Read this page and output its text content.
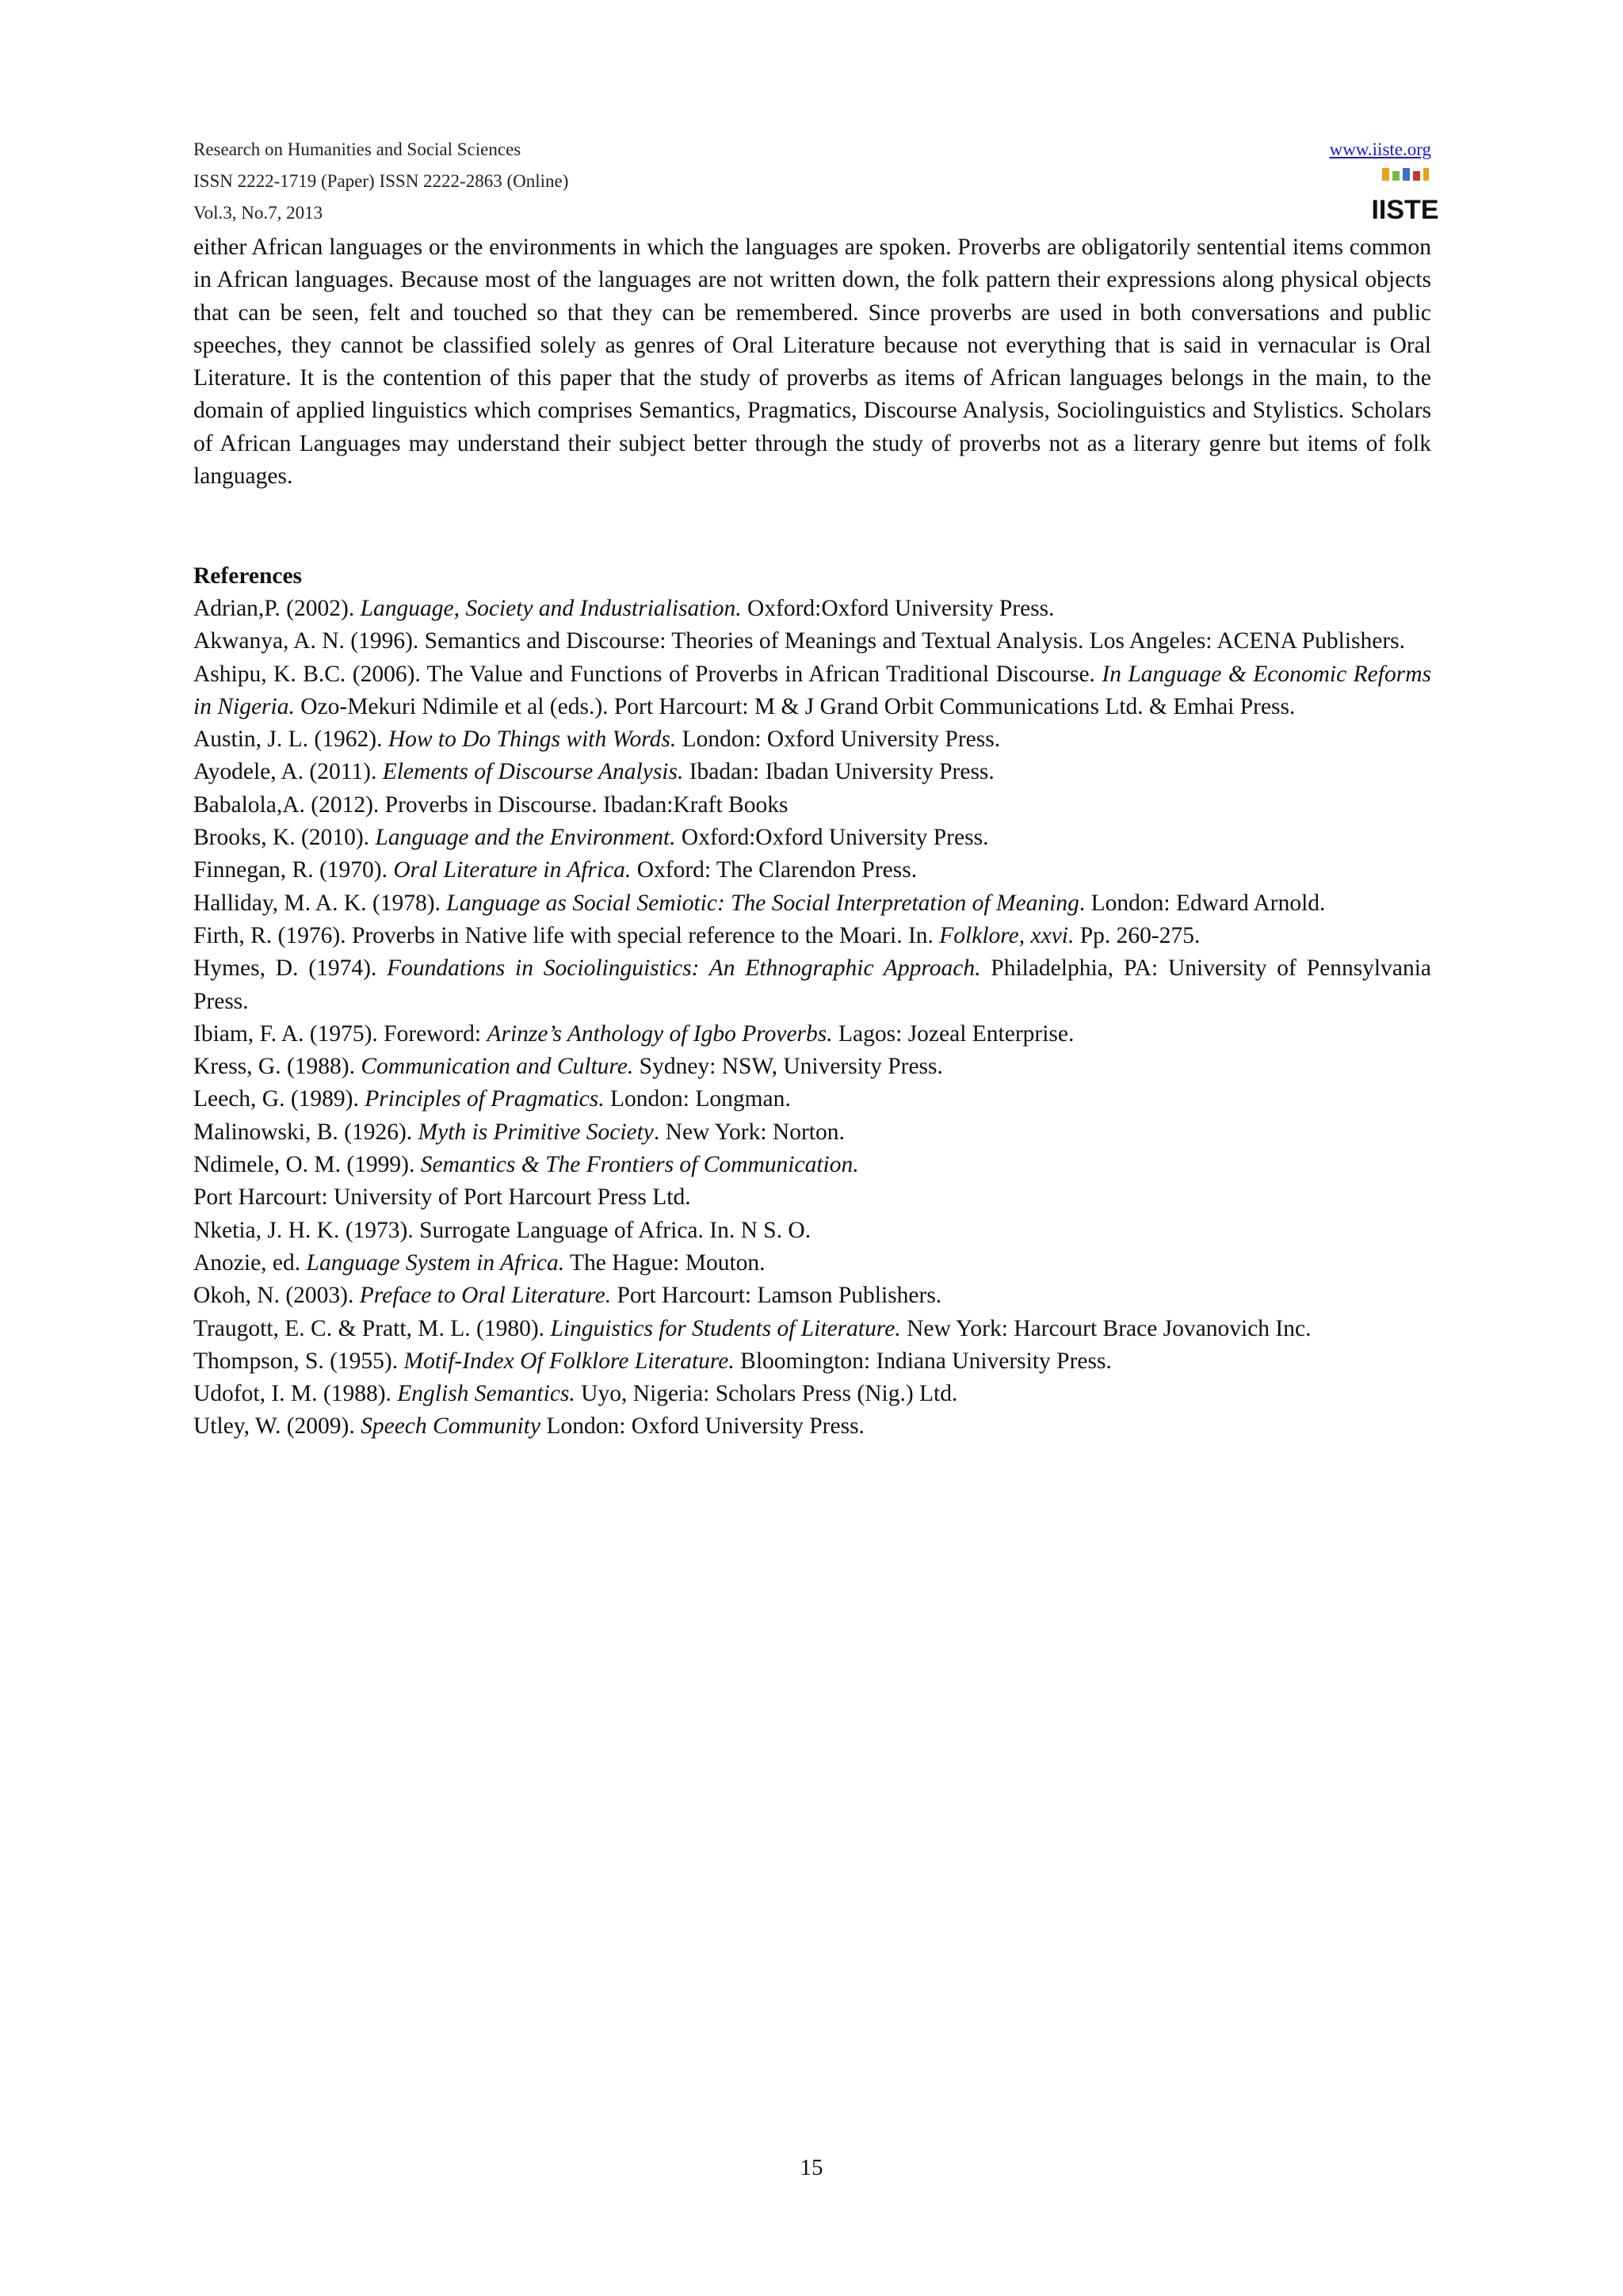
Research on Humanities and Social Sciences
ISSN 2222-1719 (Paper) ISSN 2222-2863 (Online)
Vol.3, No.7, 2013
www.iiste.org
IISTE

either African languages or the environments in which the languages are spoken. Proverbs are obligatorily sentential items common in African languages. Because most of the languages are not written down, the folk pattern their expressions along physical objects that can be seen, felt and touched so that they can be remembered. Since proverbs are used in both conversations and public speeches, they cannot be classified solely as genres of Oral Literature because not everything that is said in vernacular is Oral Literature. It is the contention of this paper that the study of proverbs as items of African languages belongs in the main, to the domain of applied linguistics which comprises Semantics, Pragmatics, Discourse Analysis, Sociolinguistics and Stylistics. Scholars of African Languages may understand their subject better through the study of proverbs not as a literary genre but items of folk languages.

References
Adrian,P. (2002). Language, Society and Industrialisation. Oxford:Oxford University Press.
Akwanya, A. N. (1996). Semantics and Discourse: Theories of Meanings and Textual Analysis. Los Angeles: ACENA Publishers.
Ashipu, K. B.C. (2006). The Value and Functions of Proverbs in African Traditional Discourse. In Language & Economic Reforms in Nigeria. Ozo-Mekuri Ndimile et al (eds.). Port Harcourt: M & J Grand Orbit Communications Ltd. & Emhai Press.
Austin, J. L. (1962). How to Do Things with Words. London: Oxford University Press.
Ayodele, A. (2011). Elements of Discourse Analysis. Ibadan: Ibadan University Press.
Babalola,A. (2012). Proverbs in Discourse. Ibadan:Kraft Books
Brooks, K. (2010). Language and the Environment. Oxford:Oxford University Press.
Finnegan, R. (1970). Oral Literature in Africa. Oxford: The Clarendon Press.
Halliday, M. A. K. (1978). Language as Social Semiotic: The Social Interpretation of Meaning. London: Edward Arnold.
Firth, R. (1976). Proverbs in Native life with special reference to the Moari. In. Folklore, xxvi. Pp. 260-275.
Hymes, D. (1974). Foundations in Sociolinguistics: An Ethnographic Approach. Philadelphia, PA: University of Pennsylvania Press.
Ibiam, F. A. (1975). Foreword: Arinze’s Anthology of Igbo Proverbs. Lagos: Jozeal Enterprise.
Kress, G. (1988). Communication and Culture. Sydney: NSW, University Press.
Leech, G. (1989). Principles of Pragmatics. London: Longman.
Malinowski, B. (1926). Myth is Primitive Society. New York: Norton.
Ndimele, O. M. (1999). Semantics & The Frontiers of Communication.
Port Harcourt: University of Port Harcourt Press Ltd.
Nketia, J. H. K. (1973). Surrogate Language of Africa. In. N S. O.
Anozie, ed. Language System in Africa. The Hague: Mouton.
Okoh, N. (2003). Preface to Oral Literature. Port Harcourt: Lamson Publishers.
Traugott, E. C. & Pratt, M. L. (1980). Linguistics for Students of Literature. New York: Harcourt Brace Jovanovich Inc.
Thompson, S. (1955). Motif-Index Of Folklore Literature. Bloomington: Indiana University Press.
Udofot, I. M. (1988). English Semantics. Uyo, Nigeria: Scholars Press (Nig.) Ltd.
Utley, W. (2009). Speech Community London: Oxford University Press.
15
